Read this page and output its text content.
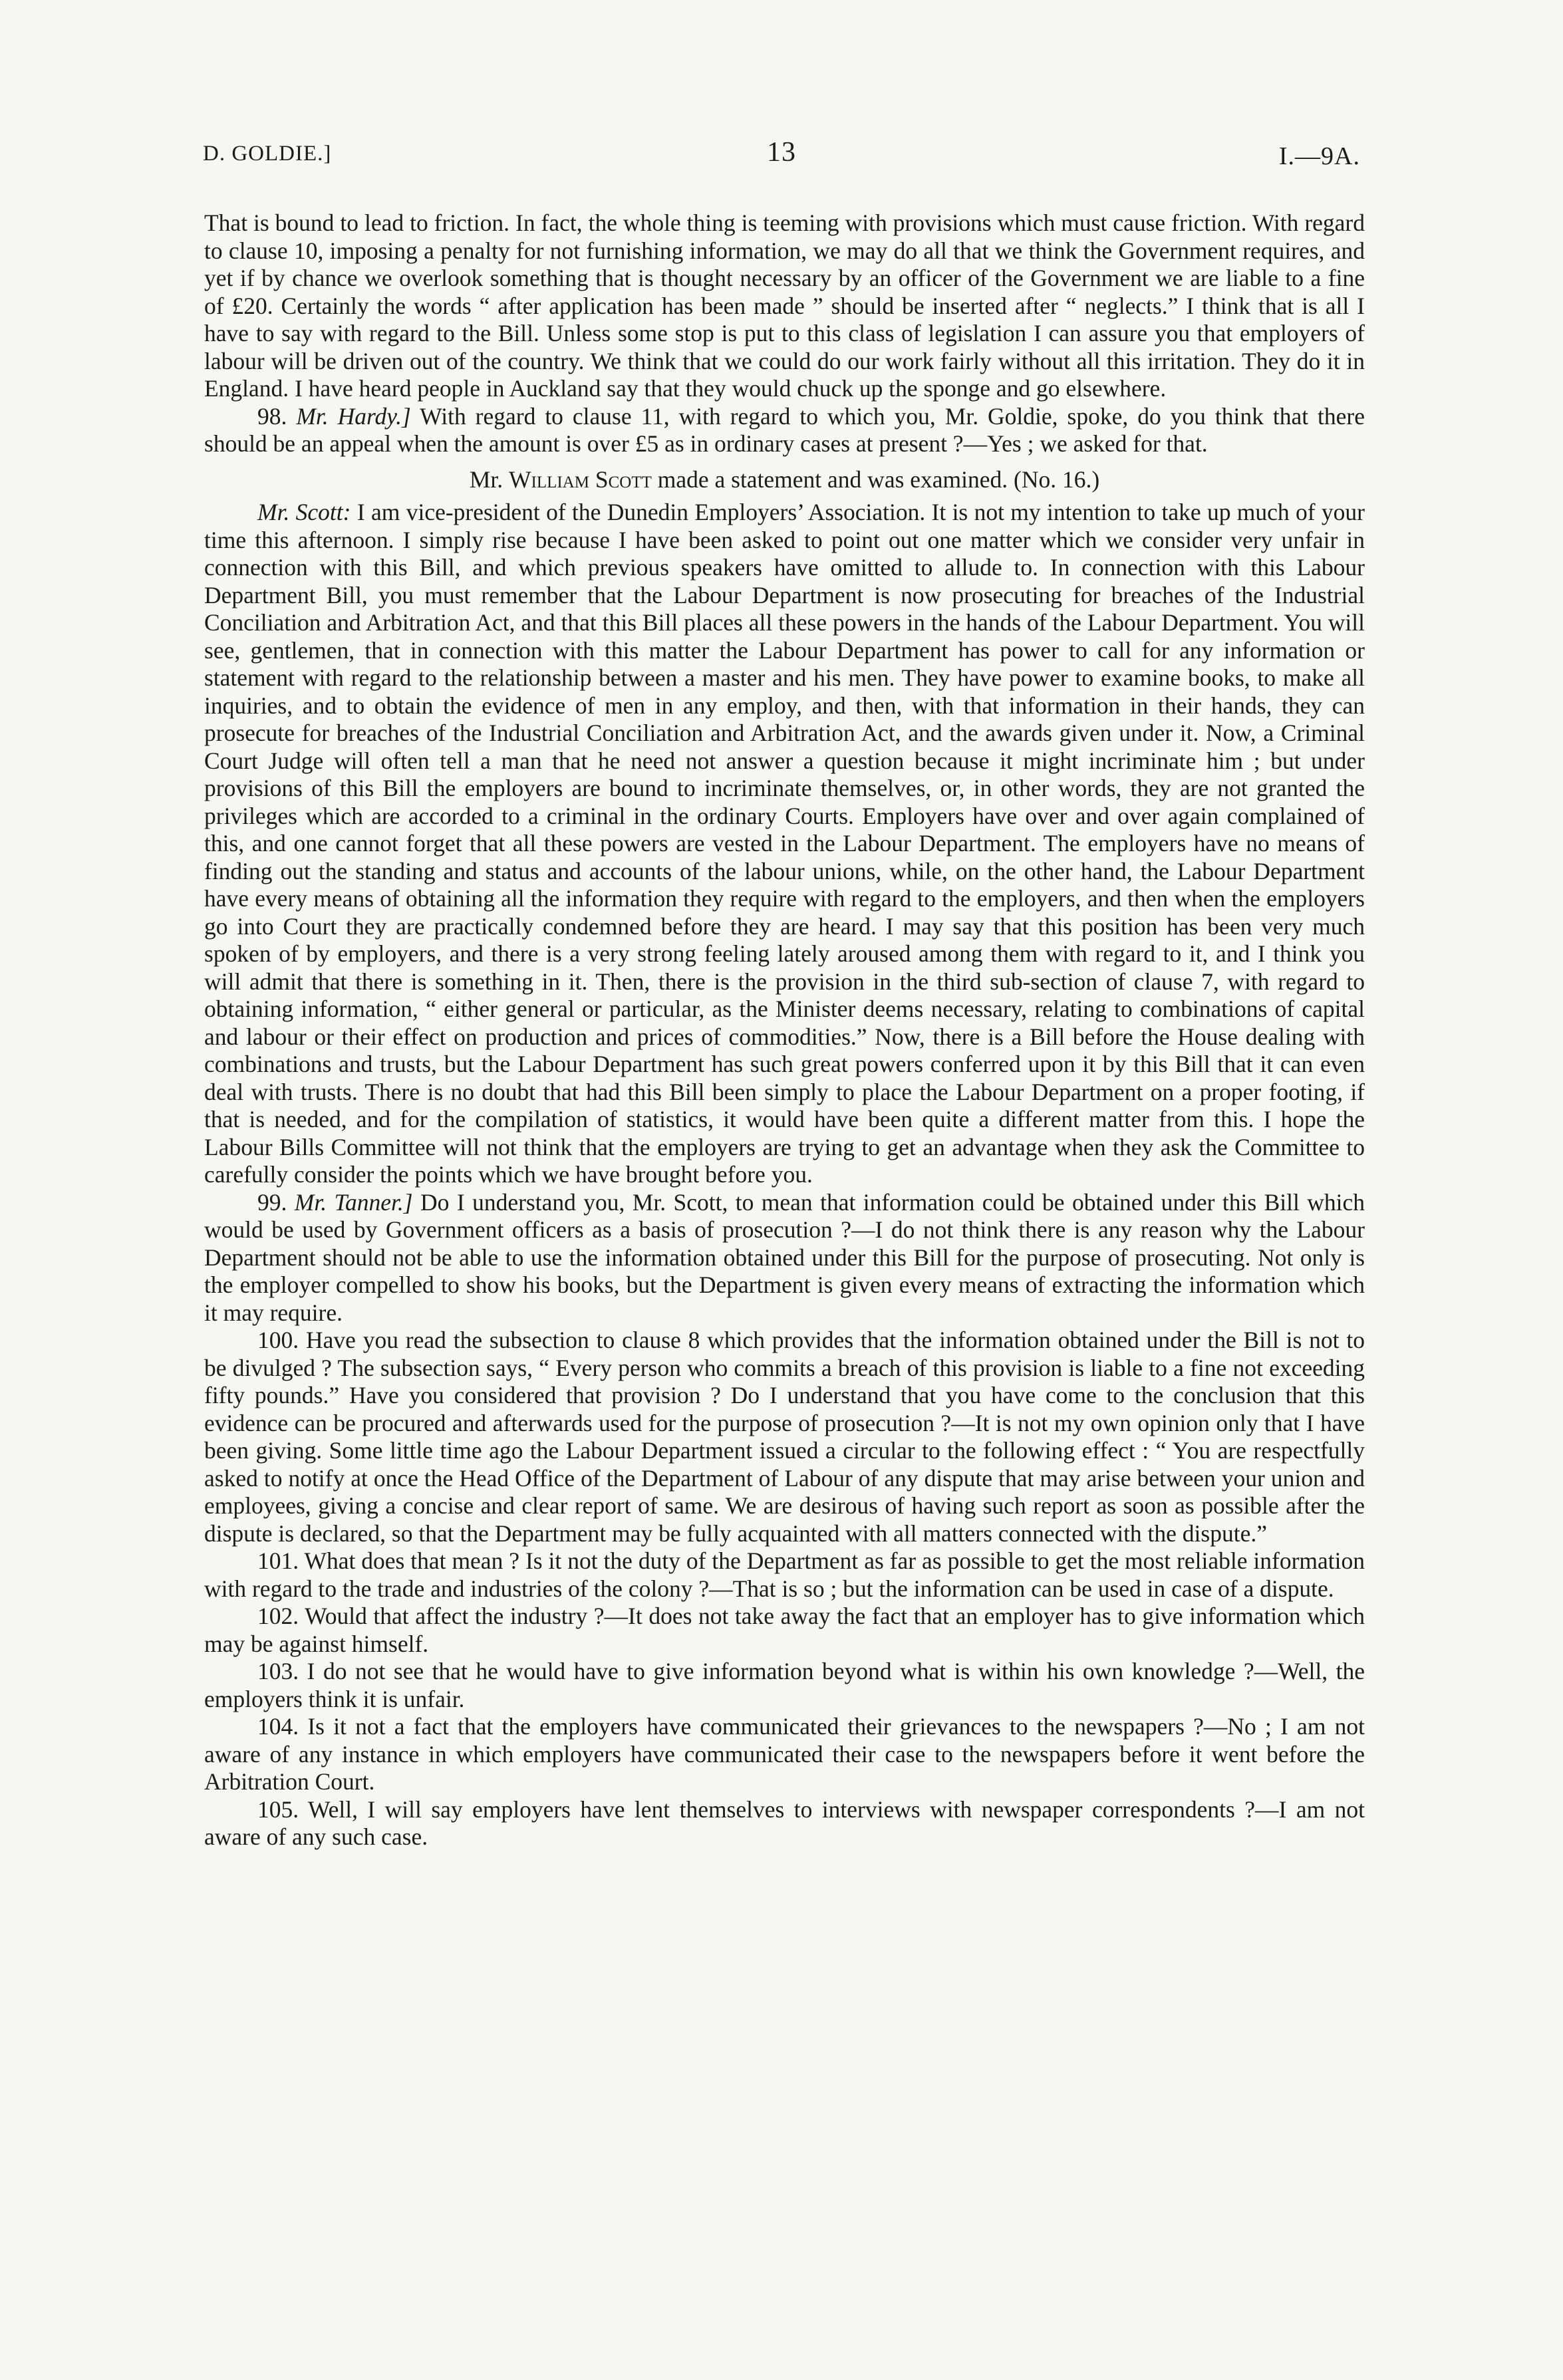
D. GOLDIE.]	13	I.—9A.

That is bound to lead to friction. In fact, the whole thing is teeming with provisions which must cause friction. With regard to clause 10, imposing a penalty for not furnishing information, we may do all that we think the Government requires, and yet if by chance we overlook something that is thought necessary by an officer of the Government we are liable to a fine of £20. Certainly the words “ after application has been made ” should be inserted after “ neglects.” I think that is all I have to say with regard to the Bill. Unless some stop is put to this class of legislation I can assure you that employers of labour will be driven out of the country. We think that we could do our work fairly without all this irritation. They do it in England. I have heard people in Auckland say that they would chuck up the sponge and go elsewhere.

98. Mr. Hardy.] With regard to clause 11, with regard to which you, Mr. Goldie, spoke, do you think that there should be an appeal when the amount is over £5 as in ordinary cases at present ?—Yes ; we asked for that.

Mr. William Scott made a statement and was examined. (No. 16.)

Mr. Scott: I am vice-president of the Dunedin Employers’ Association. It is not my intention to take up much of your time this afternoon. I simply rise because I have been asked to point out one matter which we consider very unfair in connection with this Bill, and which previous speakers have omitted to allude to. In connection with this Labour Department Bill, you must remember that the Labour Department is now prosecuting for breaches of the Industrial Conciliation and Arbitration Act, and that this Bill places all these powers in the hands of the Labour Department. You will see, gentlemen, that in connection with this matter the Labour Department has power to call for any information or statement with regard to the relationship between a master and his men. They have power to examine books, to make all inquiries, and to obtain the evidence of men in any employ, and then, with that information in their hands, they can prosecute for breaches of the Industrial Conciliation and Arbitration Act, and the awards given under it. Now, a Criminal Court Judge will often tell a man that he need not answer a question because it might incriminate him ; but under provisions of this Bill the employers are bound to incriminate themselves, or, in other words, they are not granted the privileges which are accorded to a criminal in the ordinary Courts. Employers have over and over again complained of this, and one cannot forget that all these powers are vested in the Labour Department. The employers have no means of finding out the standing and status and accounts of the labour unions, while, on the other hand, the Labour Department have every means of obtaining all the information they require with regard to the employers, and then when the employers go into Court they are practically condemned before they are heard. I may say that this position has been very much spoken of by employers, and there is a very strong feeling lately aroused among them with regard to it, and I think you will admit that there is something in it. Then, there is the provision in the third sub-section of clause 7, with regard to obtaining information, “ either general or particular, as the Minister deems necessary, relating to combinations of capital and labour or their effect on production and prices of commodities.” Now, there is a Bill before the House dealing with combinations and trusts, but the Labour Department has such great powers conferred upon it by this Bill that it can even deal with trusts. There is no doubt that had this Bill been simply to place the Labour Department on a proper footing, if that is needed, and for the compilation of statistics, it would have been quite a different matter from this. I hope the Labour Bills Committee will not think that the employers are trying to get an advantage when they ask the Committee to carefully consider the points which we have brought before you.

99. Mr. Tanner.] Do I understand you, Mr. Scott, to mean that information could be obtained under this Bill which would be used by Government officers as a basis of prosecution ?—I do not think there is any reason why the Labour Department should not be able to use the information obtained under this Bill for the purpose of prosecuting. Not only is the employer compelled to show his books, but the Department is given every means of extracting the information which it may require.

100. Have you read the subsection to clause 8 which provides that the information obtained under the Bill is not to be divulged ? The subsection says, “ Every person who commits a breach of this provision is liable to a fine not exceeding fifty pounds.” Have you considered that provision ? Do I understand that you have come to the conclusion that this evidence can be procured and afterwards used for the purpose of prosecution ?—It is not my own opinion only that I have been giving. Some little time ago the Labour Department issued a circular to the following effect : “ You are respectfully asked to notify at once the Head Office of the Department of Labour of any dispute that may arise between your union and employees, giving a concise and clear report of same. We are desirous of having such report as soon as possible after the dispute is declared, so that the Department may be fully acquainted with all matters connected with the dispute.”

101. What does that mean ? Is it not the duty of the Department as far as possible to get the most reliable information with regard to the trade and industries of the colony ?—That is so ; but the information can be used in case of a dispute.

102. Would that affect the industry ?—It does not take away the fact that an employer has to give information which may be against himself.

103. I do not see that he would have to give information beyond what is within his own knowledge ?—Well, the employers think it is unfair.

104. Is it not a fact that the employers have communicated their grievances to the newspapers ?—No ; I am not aware of any instance in which employers have communicated their case to the newspapers before it went before the Arbitration Court.

105. Well, I will say employers have lent themselves to interviews with newspaper correspondents ?—I am not aware of any such case.
